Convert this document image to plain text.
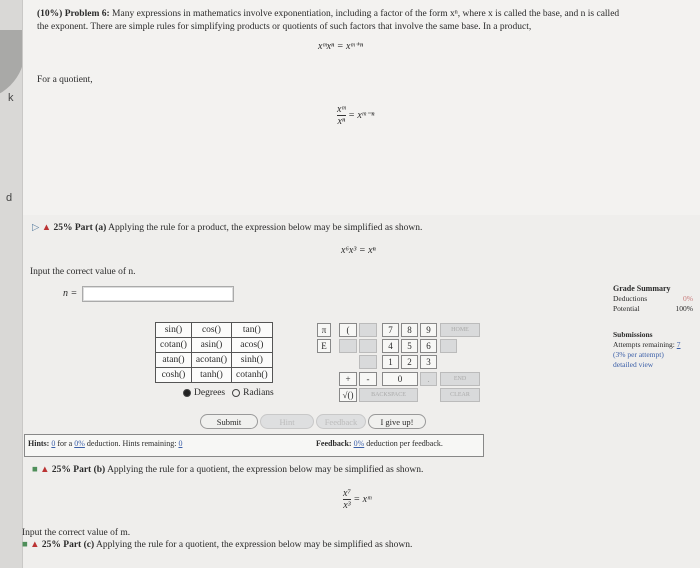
k
d
(10%) Problem 6: Many expressions in mathematics involve exponentiation, including a factor of the form xⁿ, where x is called the base, and n is called
the exponent. There are simple rules for simplifying products or quotients of such factors that involve the same base. In a product,
xᵐxⁿ = xᵐ⁺ⁿ
For a quotient,
$\frac{\text{xᵐ}}{\text{xⁿ}}$ = xᵐ⁻ⁿ
▷ ▲ 25% Part (a) Applying the rule for a product, the expression below may be simplified as shown.
x⁶x³ = xⁿ
Input the correct value of n.
n =
sin()	cos()	tan()
cotan()	asin()	acos()
atan()	acotan()	sinh()
cosh()	tanh()	cotanh()
Degrees Radians
π
E
(	7	8	9
4	5	6
1	2	3
+	-	0	.
√()	BACKSPACE
HOME
END
CLEAR
Submit	Hint	Feedback	I give up!
Hints: 0 for a 0% deduction. Hints remaining: 0	Feedback: 0% deduction per feedback.
Grade Summary
Deductions	0%
Potential	100%
Submissions
Attempts remaining: 7
(3% per attempt)
detailed view
■ ▲ 25% Part (b) Applying the rule for a quotient, the expression below may be simplified as shown.
$\frac{\text{x⁷}}{\text{x³}}$ = xᵐ
Input the correct value of m.
■ ▲ 25% Part (c) Applying the rule for a quotient, the expression below may be simplified as shown.
